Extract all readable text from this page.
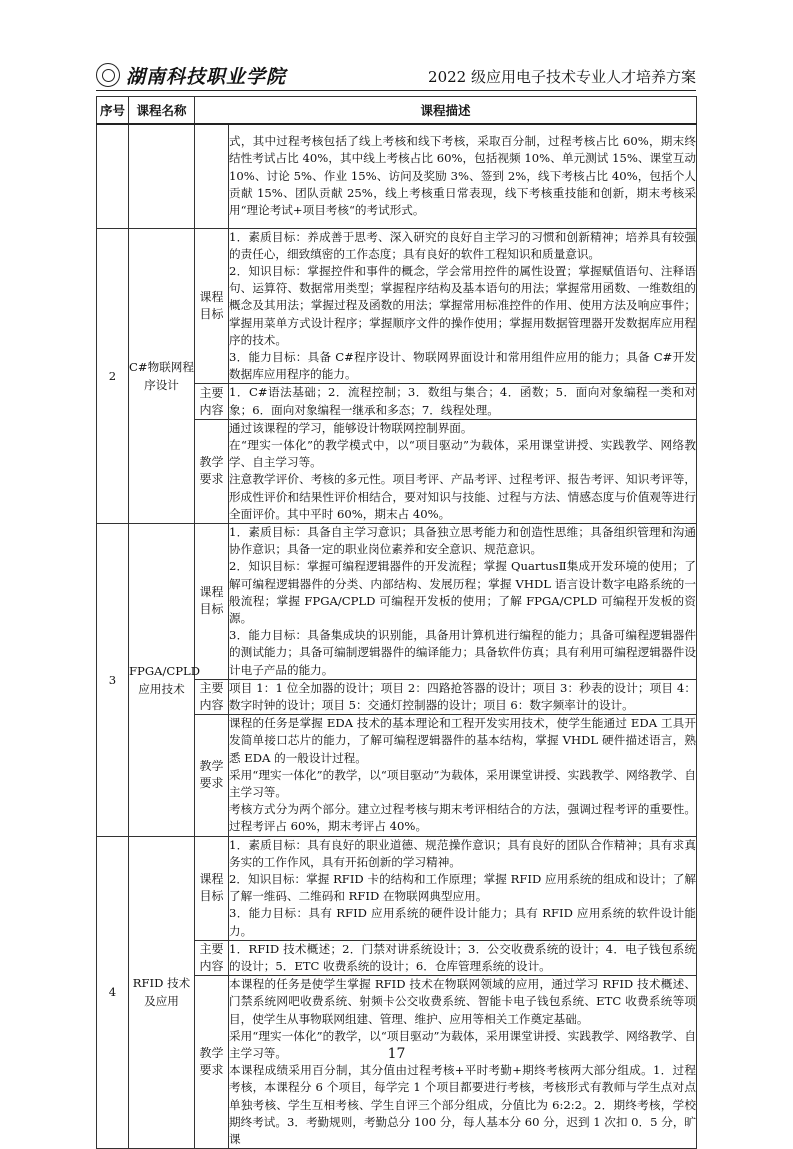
湖南科技职业学院	2022 级应用电子技术专业人才培养方案
序号	课程名称	课程描述	
			式，其中过程考核包括了线上考核和线下考核，采取百分制，过程考核占比 60%，期末终结性考试占比 40%，其中线上考核占比 60%，包括视频 10%、单元测试 15%、课堂互动 10%、讨论 5%、作业 15%、访问及奖励 3%、签到 2%，线下考核占比 40%，包括个人贡献 15%、团队贡献 25%，线上考核重日常表现，线下考核重技能和创新，期末考核采用“理论考试+项目考核“的考试形式。
2	C#物联网程序设计	课程目标	1．素质目标：养成善于思考、深入研究的良好自主学习的习惯和创新精神；培养具有较强的责任心，细致缜密的工作态度；具有良好的软件工程知识和质量意识。

2．知识目标：掌握控件和事件的概念，学会常用控件的属性设置；掌握赋值语句、注释语句、运算符、数据常用类型；掌握程序结构及基本语句的用法；掌握常用函数、一维数组的概念及其用法；掌握过程及函数的用法；掌握常用标准控件的作用、使用方法及响应事件；掌握用菜单方式设计程序；掌握顺序文件的操作使用；掌握用数据管理器开发数据库应用程序的技术。

3．能力目标：具备 C#程序设计、物联网界面设计和常用组件应用的能力；具备 C#开发数据库应用程序的能力。

		主要内容	1．C#语法基础；2．流程控制；3．数组与集合；4．函数；5．面向对象编程一类和对象；6．面向对象编程一继承和多态；7．线程处理。

		教学要求	通过该课程的学习，能够设计物联网控制界面。

在“理实一体化”的教学模式中，以“项目驱动”为载体，采用课堂讲授、实践教学、网络教学、自主学习等。

注意教学评价、考核的多元性。项目考评、产品考评、过程考评、报告考评、知识考评等，形成性评价和结果性评价相结合，要对知识与技能、过程与方法、情感态度与价值观等进行全面评价。其中平时 60%，期末占 40%。

3	FPGA/CPLD 应用技术	课程目标	1．素质目标：具备自主学习意识；具备独立思考能力和创造性思维；具备组织管理和沟通协作意识；具备一定的职业岗位素养和安全意识、规范意识。

2．知识目标：掌握可编程逻辑器件的开发流程；掌握 QuartusⅡ集成开发环境的使用；了解可编程逻辑器件的分类、内部结构、发展历程；掌握 VHDL 语言设计数字电路系统的一般流程；掌握 FPGA/CPLD 可编程开发板的使用；了解 FPGA/CPLD 可编程开发板的资源。

3．能力目标：具备集成块的识别能，具备用计算机进行编程的能力；具备可编程逻辑器件的测试能力；具备可编制逻辑器件的编译能力；具备软件仿真；具有利用可编程逻辑器件设计电子产品的能力。

		主要内容	项目 1：1 位全加器的设计；项目 2：四路抢答器的设计；项目 3：秒表的设计；项目 4：数字时钟的设计；项目 5：交通灯控制器的设计；项目 6：数字频率计的设计。

		教学要求	课程的任务是掌握 EDA 技术的基本理论和工程开发实用技术，使学生能通过 EDA 工具开发简单接口芯片的能力，了解可编程逻辑器件的基本结构，掌握 VHDL 硬件描述语言，熟悉 EDA 的一般设计过程。

采用“理实一体化”的教学，以“项目驱动”为载体，采用课堂讲授、实践教学、网络教学、自主学习等。

考核方式分为两个部分。建立过程考核与期末考评相结合的方法，强调过程考评的重要性。过程考评占 60%，期末考评占 40%。

4	RFID 技术及应用	课程目标	1．素质目标：具有良好的职业道德、规范操作意识；具有良好的团队合作精神；具有求真务实的工作作风，具有开拓创新的学习精神。

2．知识目标：掌握 RFID 卡的结构和工作原理；掌握 RFID 应用系统的组成和设计；了解了解一维码、二维码和 RFID 在物联网典型应用。

3．能力目标：具有 RFID 应用系统的硬件设计能力；具有 RFID 应用系统的软件设计能力。

		主要内容	1．RFID 技术概述；2．门禁对讲系统设计；3．公交收费系统的设计；4．电子钱包系统的设计；5．ETC 收费系统的设计；6．仓库管理系统的设计。

		教学要求	本课程的任务是使学生掌握 RFID 技术在物联网领域的应用，通过学习 RFID 技术概述、门禁系统网吧收费系统、射频卡公交收费系统、智能卡电子钱包系统、ETC 收费系统等项目，使学生从事物联网组建、管理、维护、应用等相关工作奠定基础。

采用“理实一体化”的教学，以“项目驱动”为载体，采用课堂讲授、实践教学、网络教学、自主学习等。

本课程成绩采用百分制，其分值由过程考核+平时考勤+期终考核两大部分组成。1．过程考核，本课程分 6 个项目，每学完 1 个项目都要进行考核，考核形式有教师与学生点对点单独考核、学生互相考核、学生自评三个部分组成，分值比为 6:2:2。2．期终考核，学校期终考试。3．考勤规则，考勤总分 100 分，每人基本分 60 分，迟到 1 次扣 0．5 分，旷课

17
